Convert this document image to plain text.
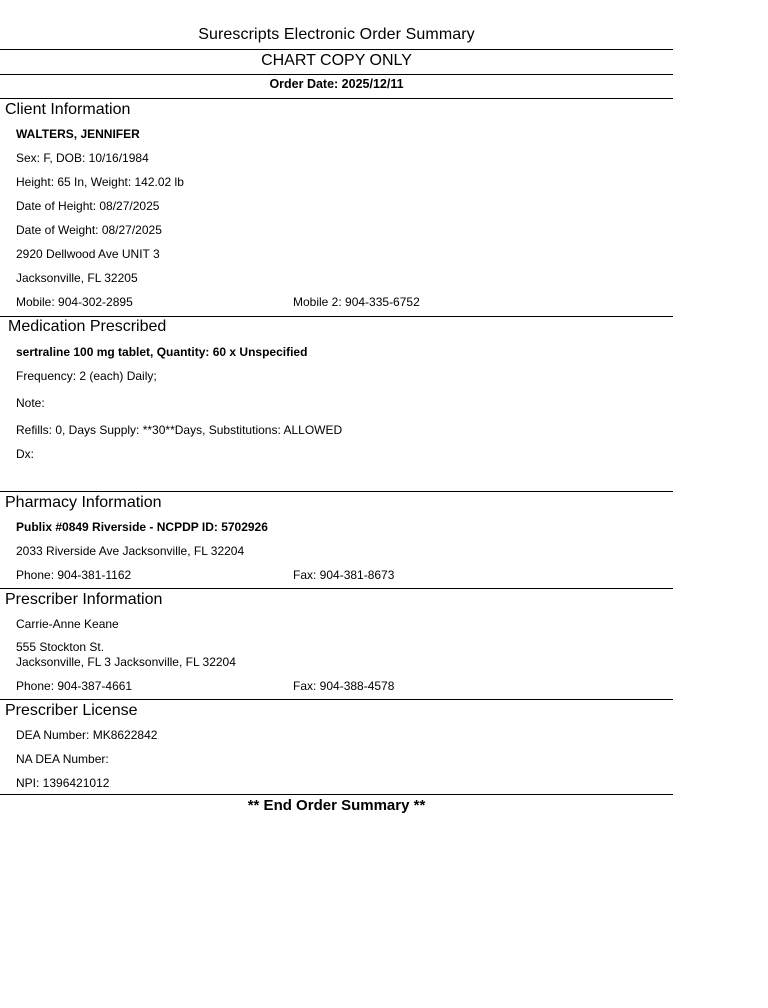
Surescripts Electronic Order Summary
CHART COPY ONLY
Order Date: 2025/12/11
Client Information
WALTERS, JENNIFER
Sex: F, DOB: 10/16/1984
Height: 65 In, Weight: 142.02 lb
Date of Height: 08/27/2025
Date of Weight: 08/27/2025
2920 Dellwood Ave UNIT 3
Jacksonville, FL 32205
Mobile: 904-302-2895	Mobile 2: 904-335-6752
Medication Prescribed
sertraline 100 mg tablet, Quantity: 60 x Unspecified
Frequency: 2 (each) Daily;
Note:
Refills: 0, Days Supply: **30**Days, Substitutions: ALLOWED
Dx:
Pharmacy Information
Publix #0849 Riverside - NCPDP ID: 5702926
2033 Riverside Ave Jacksonville, FL 32204
Phone: 904-381-1162	Fax: 904-381-8673
Prescriber Information
Carrie-Anne Keane
555 Stockton St.
Jacksonville, FL 3 Jacksonville, FL 32204
Phone: 904-387-4661	Fax: 904-388-4578
Prescriber License
DEA Number: MK8622842
NA DEA Number:
NPI: 1396421012
** End Order Summary **
